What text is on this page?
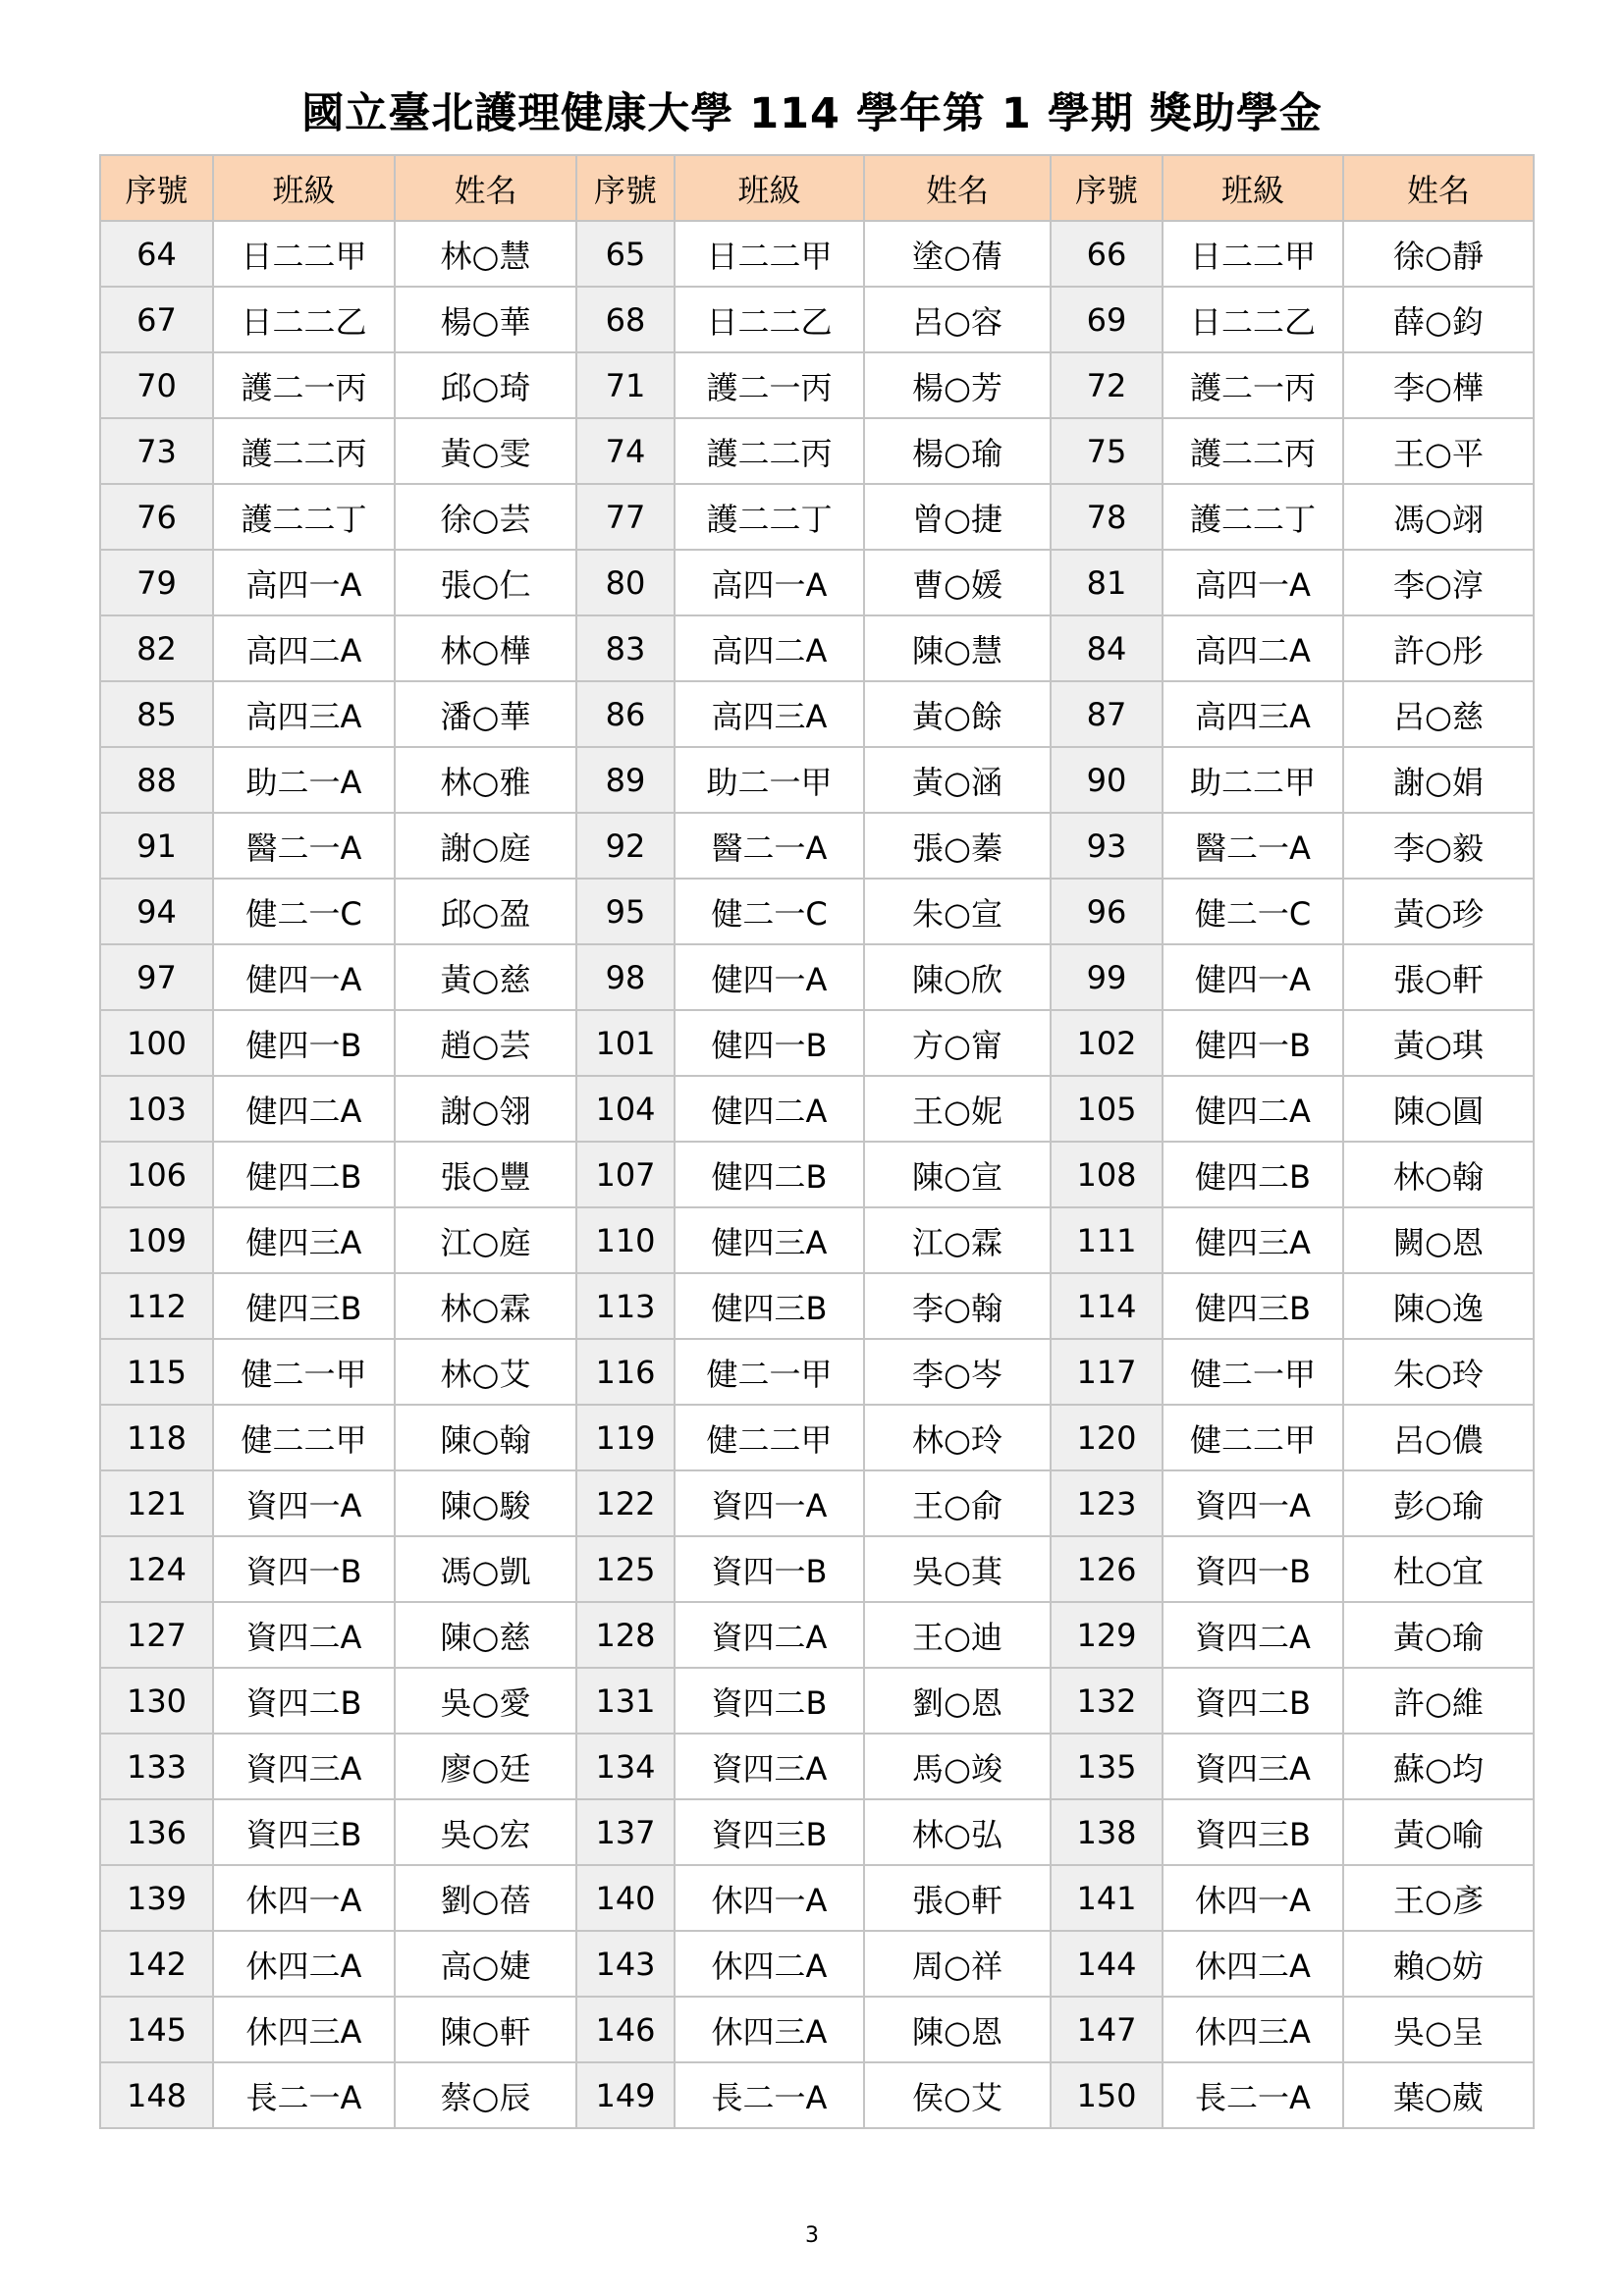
國立臺北護理健康大學 114 學年第 1 學期 獎助學金
序號	班級	姓名	序號	班級	姓名	序號	班級	姓名
64	日二二甲	林○慧	65	日二二甲	塗○蒨	66	日二二甲	徐○靜
67	日二二乙	楊○華	68	日二二乙	呂○容	69	日二二乙	薛○鈞
70	護二一丙	邱○琦	71	護二一丙	楊○芳	72	護二一丙	李○樺
73	護二二丙	黃○雯	74	護二二丙	楊○瑜	75	護二二丙	王○平
76	護二二丁	徐○芸	77	護二二丁	曾○捷	78	護二二丁	馮○翊
79	高四一A	張○仁	80	高四一A	曹○媛	81	高四一A	李○淳
82	高四二A	林○樺	83	高四二A	陳○慧	84	高四二A	許○彤
85	高四三A	潘○華	86	高四三A	黃○餘	87	高四三A	呂○慈
88	助二一A	林○雅	89	助二一甲	黃○涵	90	助二二甲	謝○娟
91	醫二一A	謝○庭	92	醫二一A	張○蓁	93	醫二一A	李○毅
94	健二一C	邱○盈	95	健二一C	朱○宣	96	健二一C	黃○珍
97	健四一A	黃○慈	98	健四一A	陳○欣	99	健四一A	張○軒
100	健四一B	趙○芸	101	健四一B	方○甯	102	健四一B	黃○琪
103	健四二A	謝○翎	104	健四二A	王○妮	105	健四二A	陳○圓
106	健四二B	張○豐	107	健四二B	陳○宣	108	健四二B	林○翰
109	健四三A	江○庭	110	健四三A	江○霖	111	健四三A	闕○恩
112	健四三B	林○霖	113	健四三B	李○翰	114	健四三B	陳○逸
115	健二一甲	林○艾	116	健二一甲	李○岑	117	健二一甲	朱○玲
118	健二二甲	陳○翰	119	健二二甲	林○玲	120	健二二甲	呂○儂
121	資四一A	陳○駿	122	資四一A	王○俞	123	資四一A	彭○瑜
124	資四一B	馮○凱	125	資四一B	吳○萁	126	資四一B	杜○宜
127	資四二A	陳○慈	128	資四二A	王○迪	129	資四二A	黃○瑜
130	資四二B	吳○愛	131	資四二B	劉○恩	132	資四二B	許○維
133	資四三A	廖○廷	134	資四三A	馬○竣	135	資四三A	蘇○均
136	資四三B	吳○宏	137	資四三B	林○弘	138	資四三B	黃○喻
139	休四一A	劉○蓓	140	休四一A	張○軒	141	休四一A	王○彥
142	休四二A	高○婕	143	休四二A	周○祥	144	休四二A	賴○妨
145	休四三A	陳○軒	146	休四三A	陳○恩	147	休四三A	吳○呈
148	長二一A	蔡○辰	149	長二一A	侯○艾	150	長二一A	葉○葳
3
